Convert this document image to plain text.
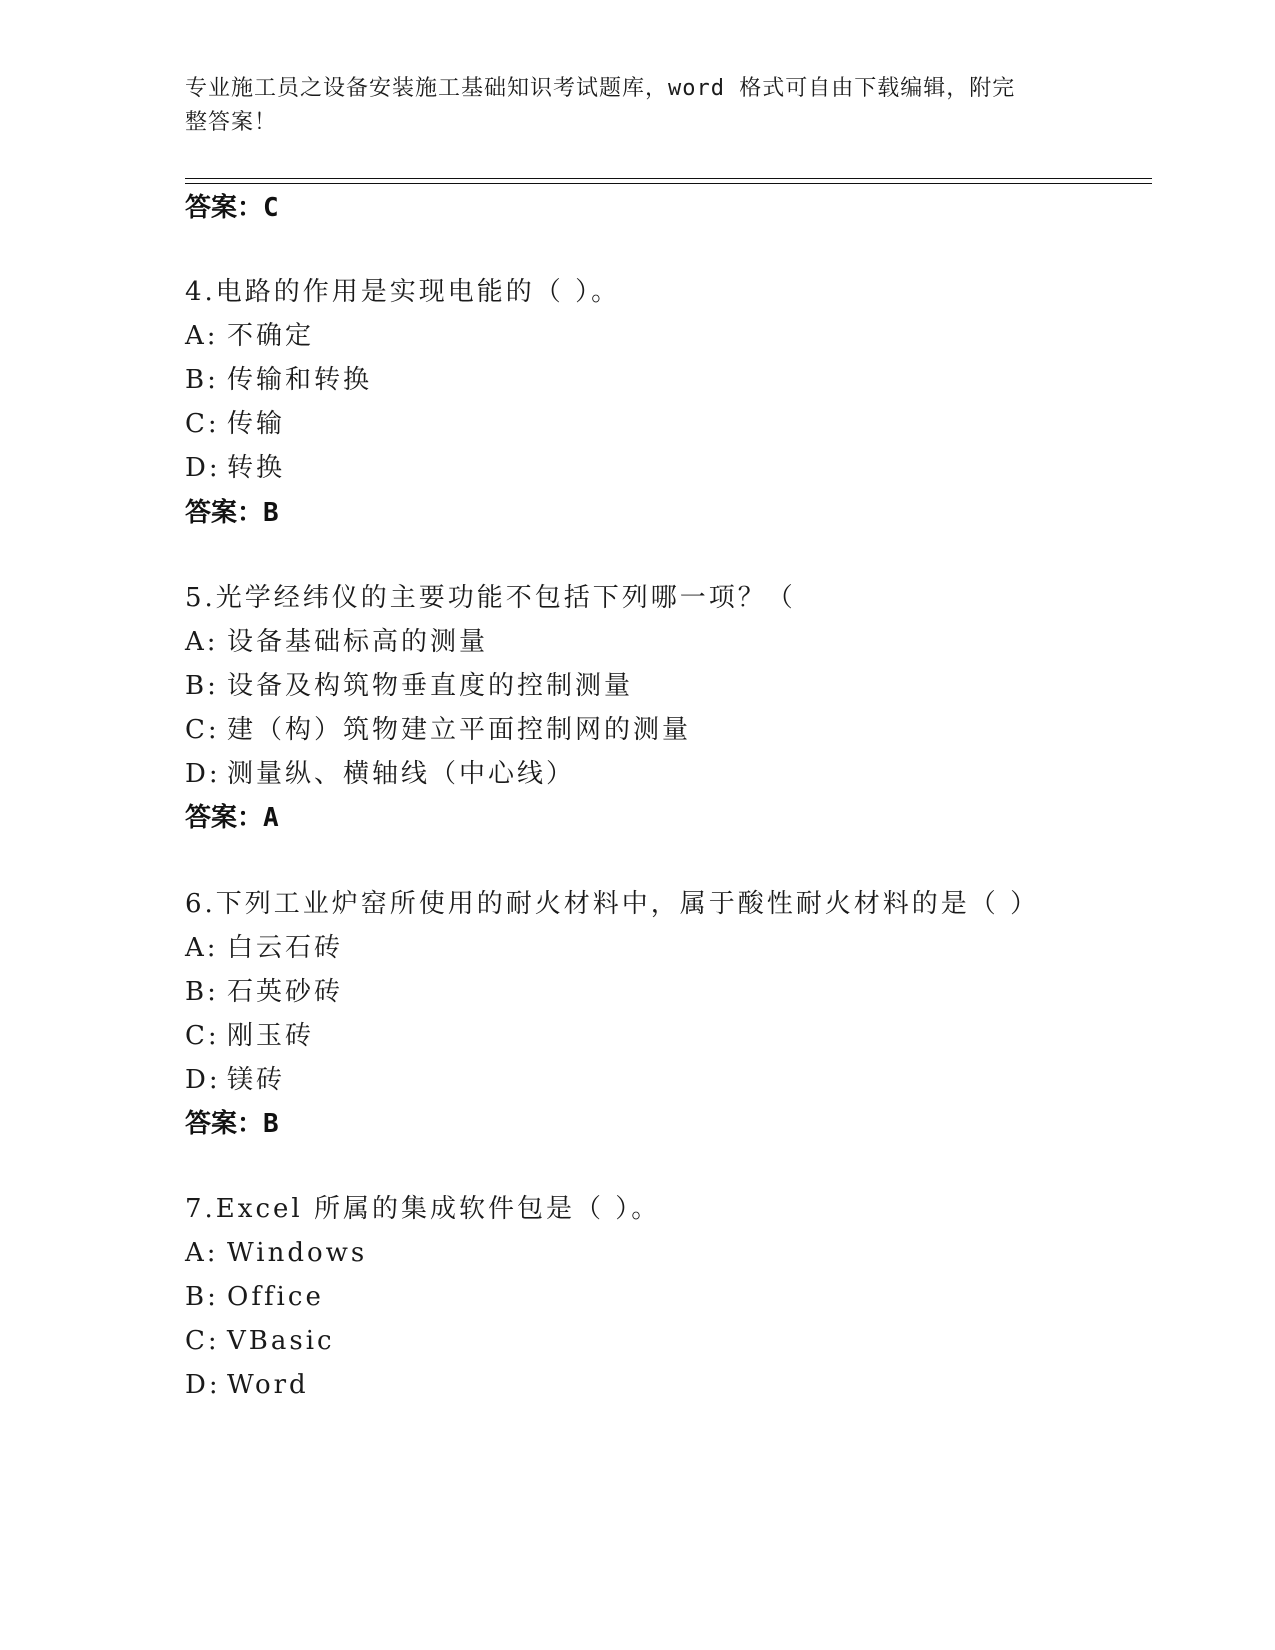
专业施工员之设备安装施工基础知识考试题库，word 格式可自由下载编辑，附完
整答案！
答案：C
4.电路的作用是实现电能的（ ）。
A: 不确定
B: 传输和转换
C: 传输
D: 转换
答案：B
5.光学经纬仪的主要功能不包括下列哪一项？（
A: 设备基础标高的测量
B: 设备及构筑物垂直度的控制测量
C: 建（构）筑物建立平面控制网的测量
D: 测量纵、横轴线（中心线）
答案：A
6.下列工业炉窑所使用的耐火材料中，属于酸性耐火材料的是（ ）
A: 白云石砖
B: 石英砂砖
C: 刚玉砖
D: 镁砖
答案：B
7.Excel 所属的集成软件包是（ ）。
A: Windows
B: Office
C: VBasic
D: Word
